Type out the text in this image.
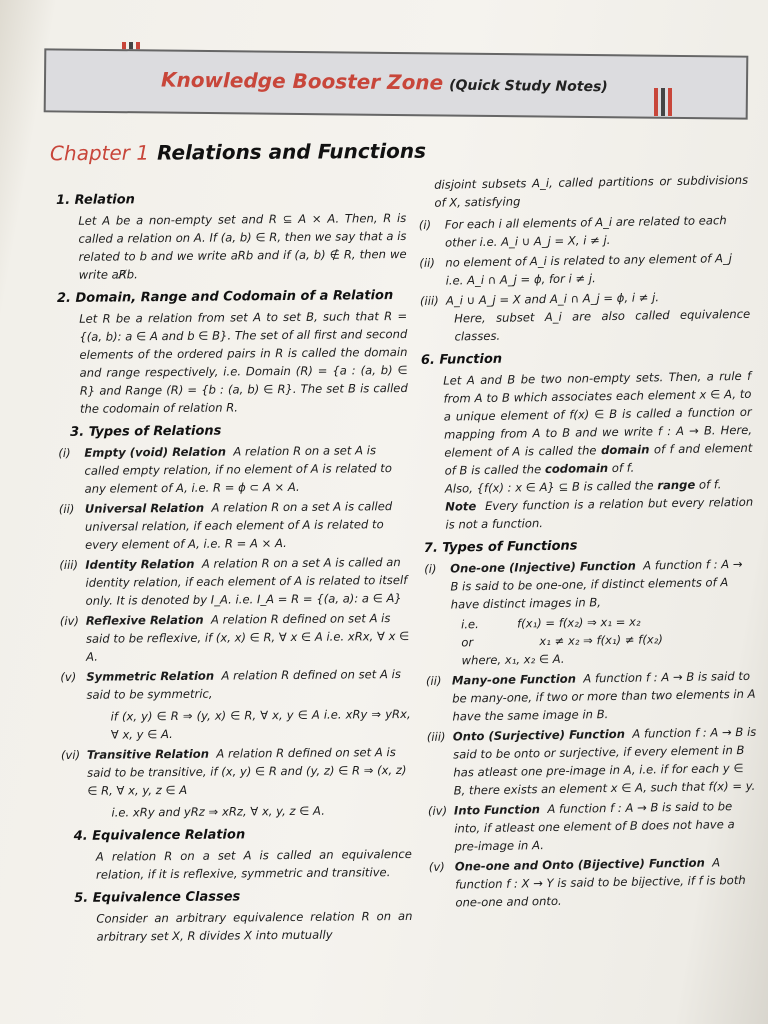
Knowledge Booster Zone (Quick Study Notes)
Chapter 1 Relations and Functions
1. Relation

Let A be a non-empty set and R ⊆ A × A. Then, R is called a relation on A. If (a, b) ∈ R, then we say that a is related to b and we write aRb and if (a, b) ∉ R, then we write aR̸b.

2. Domain, Range and Codomain of a Relation

Let R be a relation from set A to set B, such that R = {(a, b): a ∈ A and b ∈ B}. The set of all first and second elements of the ordered pairs in R is called the domain and range respectively, i.e. Domain (R) = {a : (a, b) ∈ R} and Range (R) = {b : (a, b) ∈ R}. The set B is called the codomain of relation R.

3. Types of Relations
(i)	Empty (void) Relation A relation R on a set A is called empty relation, if no element of A is related to any element of A, i.e. R = ϕ ⊂ A × A.
(ii) Universal Relation A relation R on a set A is called universal relation, if each element of A is related to every element of A, i.e. R = A × A.
(iii) Identity Relation A relation R on a set A is called an identity relation, if each element of A is related to itself only. It is denoted by I_A. i.e. I_A = R = {(a, a): a ∈ A}
(iv) Reflexive Relation A relation R defined on set A is said to be reflexive, if (x, x) ∈ R, ∀ x ∈ A i.e. xRx, ∀ x ∈ A.
(v) Symmetric Relation A relation R defined on set A is said to be symmetric,

if (x, y) ∈ R ⇒ (y, x) ∈ R, ∀ x, y ∈ A i.e. xRy ⇒ yRx, ∀ x, y ∈ A.

(vi) Transitive Relation A relation R defined on set A is said to be transitive, if (x, y) ∈ R and (y, z) ∈ R ⇒ (x, z) ∈ R, ∀ x, y, z ∈ A

i.e. xRy and yRz ⇒ xRz, ∀ x, y, z ∈ A.

4. Equivalence Relation

A relation R on a set A is called an equivalence relation, if it is reflexive, symmetric and transitive.

5. Equivalence Classes

Consider an arbitrary equivalence relation R on an arbitrary set X, R divides X into mutually

disjoint subsets A_i, called partitions or subdivisions of X, satisfying

(i)	For each i all elements of A_i are related to each other i.e. A_i ∪ A_j = X, i ≠ j.
(ii) no element of A_i is related to any element of A_j i.e. A_i ∩ A_j = ϕ, for i ≠ j.
(iii) A_i ∪ A_j = X and A_i ∩ A_j = ϕ, i ≠ j.

Here, subset A_i are also called equivalence classes.

6. Function

Let A and B be two non-empty sets. Then, a rule f from A to B which associates each element x ∈ A, to a unique element of f(x) ∈ B is called a function or mapping from A to B and we write f : A → B. Here, element of A is called the domain of f and element of B is called the codomain of f.

Also, {f(x) : x ∈ A} ⊆ B is called the range of f.

Note Every function is a relation but every relation is not a function.

7. Types of Functions
(i)	One-one (Injective) Function A function f : A → B is said to be one-one, if distinct elements of A have distinct images in B,
i.e.	f(x₁) = f(x₂) ⇒ x₁ = x₂
or	x₁ ≠ x₂ ⇒ f(x₁) ≠ f(x₂)

where, x₁, x₂ ∈ A.

(ii) Many-one Function A function f : A → B is said to be many-one, if two or more than two elements in A have the same image in B.
(iii) Onto (Surjective) Function A function f : A → B is said to be onto or surjective, if every element in B has atleast one pre-image in A, i.e. if for each y ∈ B, there exists an element x ∈ A, such that f(x) = y.
(iv) Into Function A function f : A → B is said to be into, if atleast one element of B does not have a pre-image in A.
(v) One-one and Onto (Bijective) Function A function f : X → Y is said to be bijective, if f is both one-one and onto.
